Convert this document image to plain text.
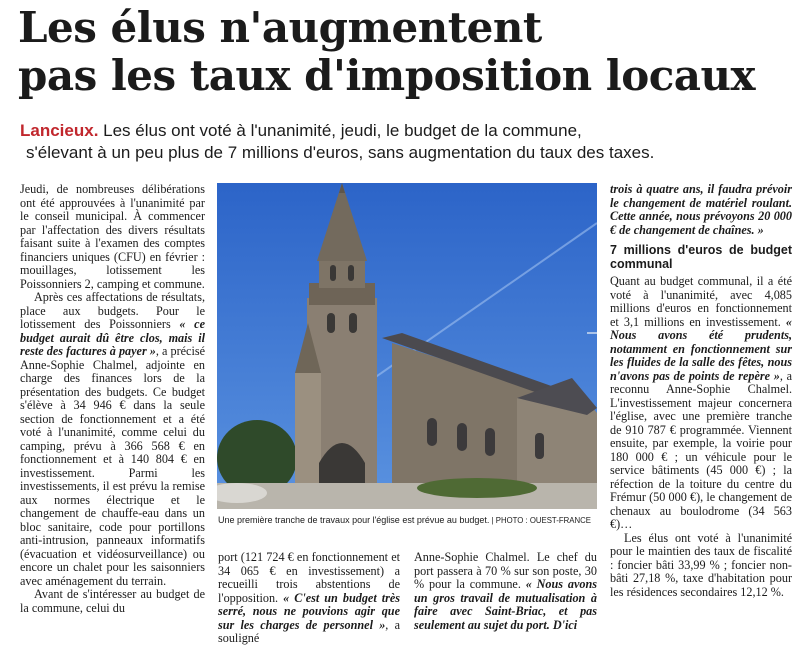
Les élus n'augmentent
pas les taux d'imposition locaux
Lancieux. Les élus ont voté à l'unanimité, jeudi, le budget de la commune,
s'élevant à un peu plus de 7 millions d'euros, sans augmentation du taux des taxes.

Jeudi, de nombreuses délibérations ont été approuvées à l'unanimité par le conseil municipal. À commencer par l'affectation des divers résultats faisant suite à l'examen des comptes financiers uniques (CFU) en février : mouillages, lotissement les Poissonniers 2, camping et commune.

Après ces affectations de résultats, place aux budgets. Pour le lotissement des Poissonniers « ce budget aurait dû être clos, mais il reste des factures à payer », a précisé Anne-Sophie Chalmel, adjointe en charge des finances lors de la présentation des budgets. Ce budget s'élève à 34 946 € dans la seule section de fonctionnement et a été voté à l'unanimité, comme celui du camping, prévu à 366 568 € en fonctionnement et à 140 804 € en investissement. Parmi les investissements, il est prévu la remise aux normes électrique et le changement de chauffe-eau dans un bloc sanitaire, code pour portillons anti-intrusion, panneaux informatifs (évacuation et vidéosurveillance) ou encore un chalet pour les saisonniers avec aménagement du terrain.

Avant de s'intéresser au budget de la commune, celui du

Une première tranche de travaux pour l'église est prévue au budget. | PHOTO : OUEST-FRANCE

port (121 724 € en fonctionnement et 34 065 € en investissement) a recueilli trois abstentions de l'opposition. « C'est un budget très serré, nous ne pouvions agir que sur les charges de personnel », a souligné

Anne-Sophie Chalmel. Le chef du port passera à 70 % sur son poste, 30 % pour la commune. « Nous avons un gros travail de mutualisation à faire avec Saint-Briac, et pas seulement au sujet du port. D'ici

trois à quatre ans, il faudra prévoir le changement de matériel roulant. Cette année, nous prévoyons 20 000 € de changement de chaînes. »

7 millions d'euros de budget communal

Quant au budget communal, il a été voté à l'unanimité, avec 4,085 millions d'euros en fonctionnement et 3,1 millions en investissement. « Nous avons été prudents, notamment en fonctionnement sur les fluides de la salle des fêtes, nous n'avons pas de points de repère », a reconnu Anne-Sophie Chalmel. L'investissement majeur concernera l'église, avec une première tranche de 910 787 € programmée. Viennent ensuite, par exemple, la voirie pour 180 000 € ; un véhicule pour le service bâtiments (45 000 €) ; la réfection de la toiture du centre du Frémur (50 000 €), le changement de chenaux au boulodrome (34 563 €)…

Les élus ont voté à l'unanimité pour le maintien des taux de fiscalité : foncier bâti 33,99 % ; foncier non-bâti 27,18 %, taxe d'habitation pour les résidences secondaires 12,12 %.
